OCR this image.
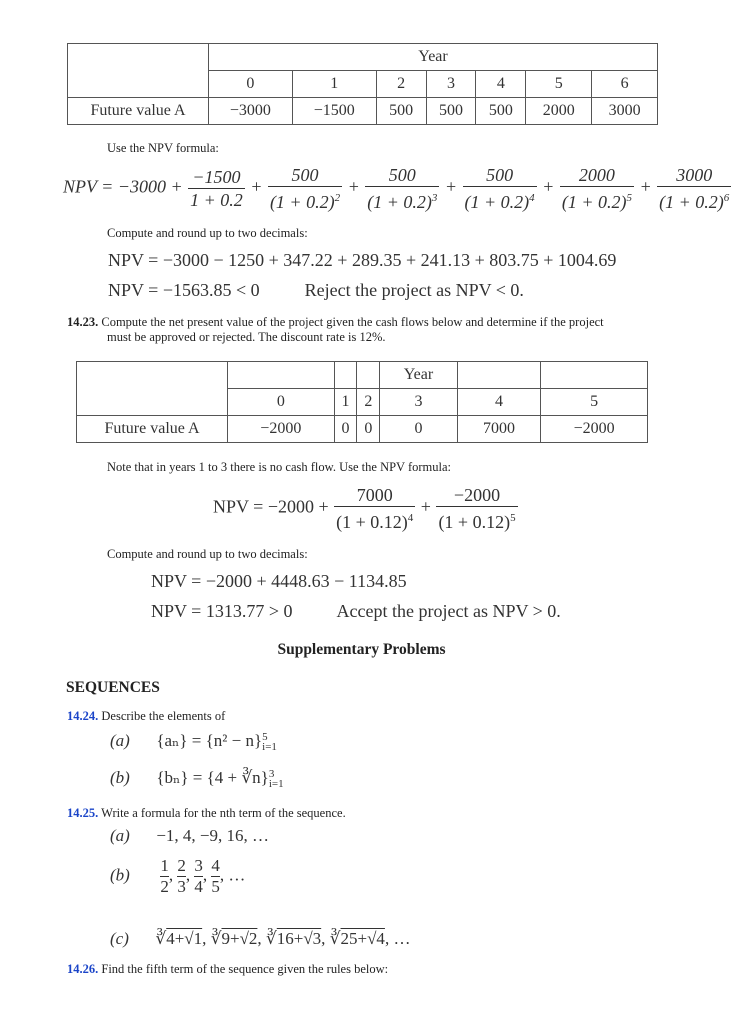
	Year						
	0	1	2	3	4	5	6
Future value A	−3000	−1500	500	500	500	2000	3000
Use the NPV formula:
NPV = $-3000 + \frac{-1500}{1 + 0.2} + \frac{500}{(1 + 0.2)^2} + \frac{500}{(1 + 0.2)^3} + \frac{500}{(1 + 0.2)^4} + \frac{2000}{(1 + 0.2)^5} + \frac{3000}{(1 + 0.2)^6}$
Compute and round up to two decimals:
NPV = −3000 − 1250 + 347.22 + 289.35 + 241.13 + 803.75 + 1004.69
NPV = −1563.85 < 0	Reject the project as NPV < 0.
14.23. Compute the net present value of the project given the cash flows below and determine if the project
must be approved or rejected. The discount rate is 12%.
				Year		
	0	1	2	3	4	5
Future value A	−2000	0	0	0	7000	−2000
Note that in years 1 to 3 there is no cash flow. Use the NPV formula:
NPV = $-2000 + \frac{7000}{(1 + 0.12)^4} + \frac{-2000}{(1 + 0.12)^5}$
Compute and round up to two decimals:
NPV = −2000 + 4448.63 − 1134.85
NPV = 1313.77 > 0 Accept the project as NPV > 0.
Supplementary Problems
SEQUENCES
14.24. Describe the elements of
(a) {aₙ} = {n² − n} 5
i=1
(b) {bₙ} = {4 + ∛n} 3
i=1
14.25. Write a formula for the nth term of the sequence.
(a) −1, 4, −9, 16, …
$(b) \frac{1}{2}$ , $\frac{2}{3}$ , $\frac{3}{4}$ , $\frac{4}{5}$ , …
(c)  ∛4+√1, ∛9+√2, ∛16+√3, ∛25+√4, …
14.26. Find the fifth term of the sequence given the rules below:
